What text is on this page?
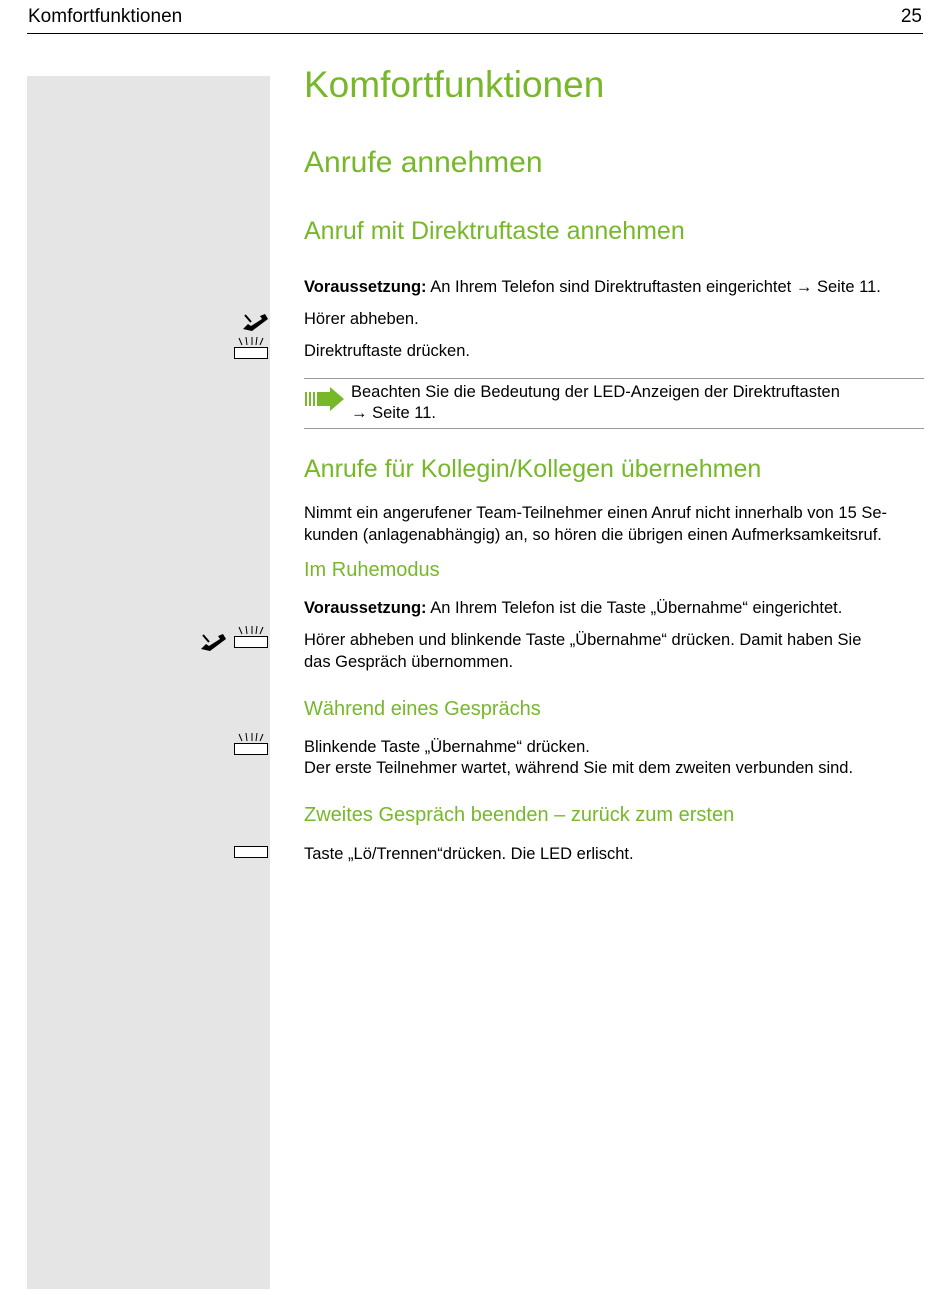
Komfortfunktionen	25
Komfortfunktionen
Anrufe annehmen
Anruf mit Direktruftaste annehmen
Voraussetzung: An Ihrem Telefon sind Direktruftasten eingerichtet → Seite 11.
Hörer abheben.
Direktruftaste drücken.
Beachten Sie die Bedeutung der LED-Anzeigen der Direktruftasten
→ Seite 11.
Anrufe für Kollegin/Kollegen übernehmen
Nimmt ein angerufener Team-Teilnehmer einen Anruf nicht innerhalb von 15 Se-
kunden (anlagenabhängig) an, so hören die übrigen einen Aufmerksamkeitsruf.
Im Ruhemodus
Voraussetzung: An Ihrem Telefon ist die Taste „Übernahme“ eingerichtet.
Hörer abheben und blinkende Taste „Übernahme“ drücken. Damit haben Sie
das Gespräch übernommen.
Während eines Gesprächs
Blinkende Taste „Übernahme“ drücken.
Der erste Teilnehmer wartet, während Sie mit dem zweiten verbunden sind.
Zweites Gespräch beenden – zurück zum ersten
Taste „Lö/Trennen“drücken. Die LED erlischt.
